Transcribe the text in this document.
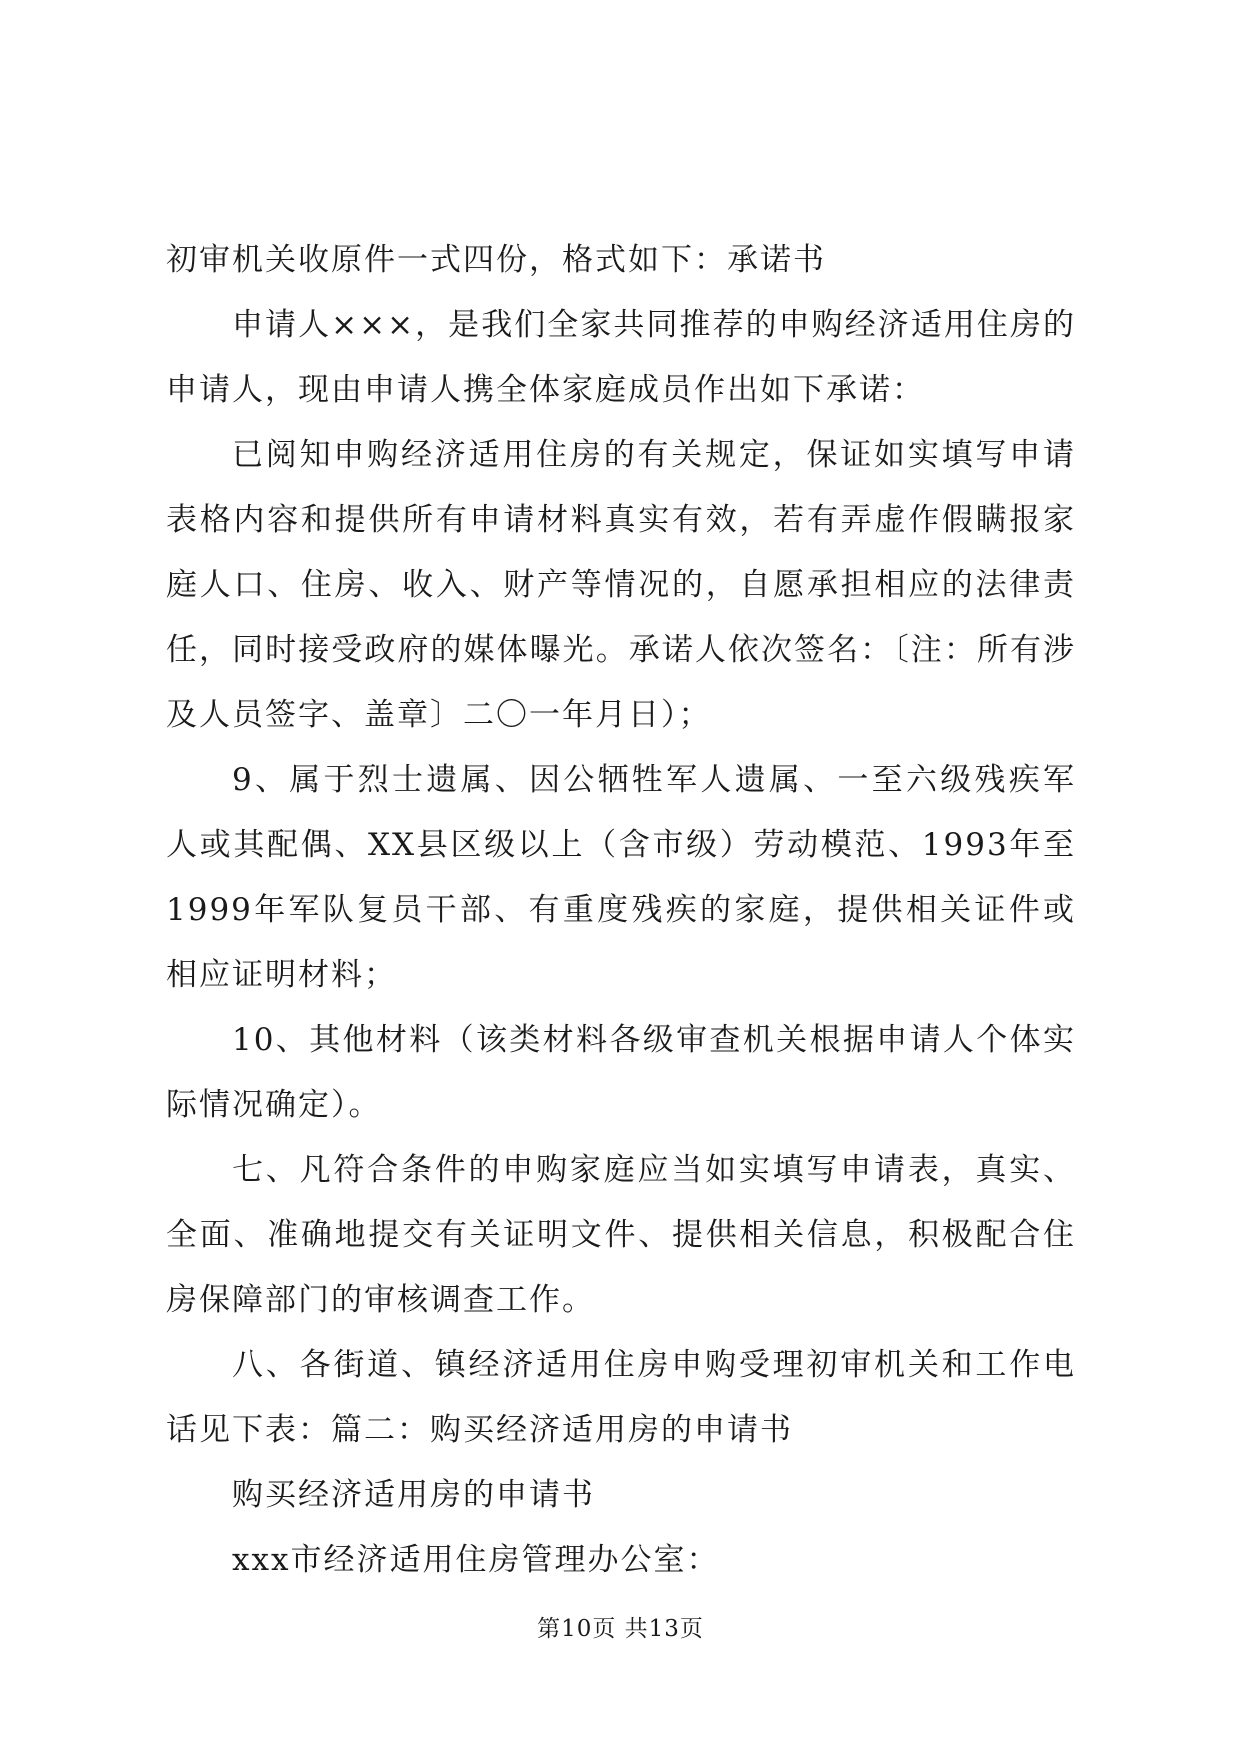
初审机关收原件一式四份，格式如下：承诺书

申请人×××，是我们全家共同推荐的申购经济适用住房的申请人，现由申请人携全体家庭成员作出如下承诺：

已阅知申购经济适用住房的有关规定，保证如实填写申请表格内容和提供所有申请材料真实有效，若有弄虚作假瞒报家庭人口、住房、收入、财产等情况的，自愿承担相应的法律责任，同时接受政府的媒体曝光。承诺人依次签名：〔注：所有涉及人员签字、盖章〕二〇一年月日）；

9、属于烈士遗属、因公牺牲军人遗属、一至六级残疾军人或其配偶、XX县区级以上（含市级）劳动模范、1993年至1999年军队复员干部、有重度残疾的家庭，提供相关证件或相应证明材料；

10、其他材料（该类材料各级审查机关根据申请人个体实际情况确定）。

七、凡符合条件的申购家庭应当如实填写申请表，真实、全面、准确地提交有关证明文件、提供相关信息，积极配合住房保障部门的审核调查工作。

八、各街道、镇经济适用住房申购受理初审机关和工作电话见下表：篇二：购买经济适用房的申请书

购买经济适用房的申请书

xxx市经济适用住房管理办公室：

第10页 共13页
